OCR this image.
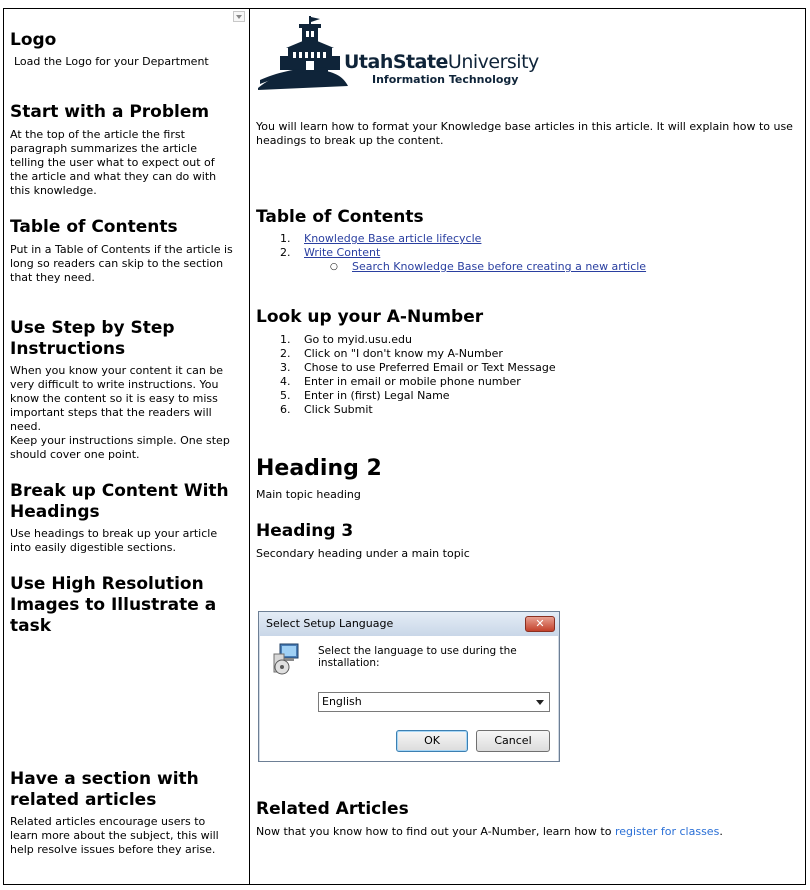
Logo
Load the Logo for your Department
Start with a Problem
At the top of the article the first paragraph summarizes the article telling the user what to expect out of the article and what they can do with this knowledge.
Table of Contents
Put in a Table of Contents if the article is long so readers can skip to the section that they need.
Use Step by Step Instructions
When you know your content it can be very difficult to write instructions. You know the content so it is easy to miss important steps that the readers will need.
Keep your instructions simple. One step should cover one point.
Break up Content With Headings
Use headings to break up your article into easily digestible sections.
Use High Resolution Images to Illustrate a task
Have a section with related articles
Related articles encourage users to learn more about the subject, this will help resolve issues before they arise.
UtahStateUniversity
Information Technology
You will learn how to format your Knowledge base articles in this article. It will explain how to use headings to break up the content.
Table of Contents
1. Knowledge Base article lifecycle
2. Write Content
○ Search Knowledge Base before creating a new article
Look up your A-Number
1. Go to myid.usu.edu
2. Click on "I don't know my A-Number
3. Chose to use Preferred Email or Text Message
4. Enter in email or mobile phone number
5. Enter in (first) Legal Name
6. Click Submit
Heading 2
Main topic heading
Heading 3
Secondary heading under a main topic
Select Setup Language	✕
Select the language to use during the installation:
English
OK	Cancel
Related Articles
Now that you know how to find out your A-Number, learn how to register for classes.
